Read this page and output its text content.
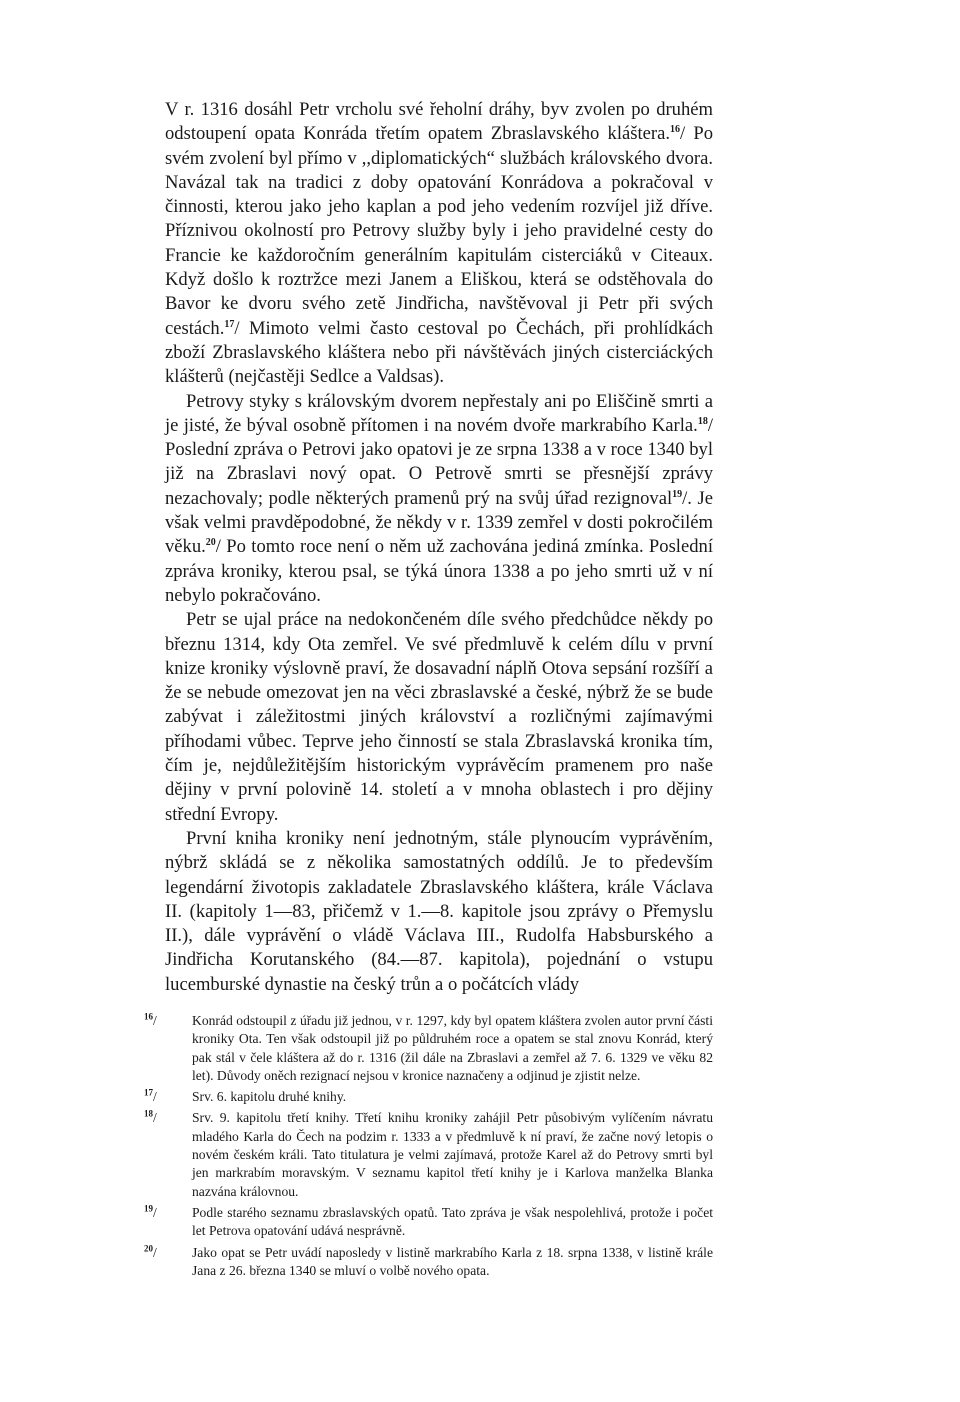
V r. 1316 dosáhl Petr vrcholu své řeholní dráhy, byv zvolen po druhém odstoupení opata Konráda třetím opatem Zbraslavského kláštera.$^{16}$/ Po svém zvolení byl přímo v ,,diplomatických“ službách královského dvora. Navázal tak na tradici z doby opatování Konrádova a pokračoval v činnosti, kterou jako jeho kaplan a pod jeho vedením rozvíjel již dříve. Příznivou okolností pro Petrovy služby byly i jeho pravidelné cesty do Francie ke každoročním generálním kapitulám cisterciáků v Citeaux. Když došlo k roztržce mezi Janem a Eliškou, která se odstěhovala do Bavor ke dvoru svého zetě Jindřicha, navštěvoval ji Petr při svých cestách.$^{17}$/ Mimoto velmi často cestoval po Čechách, při prohlídkách zboží Zbraslavského kláštera nebo při návštěvách jiných cisterciáckých klášterů (nejčastěji Sedlce a Valdsas).

Petrovy styky s královským dvorem nepřestaly ani po Eliščině smrti a je jisté, že býval osobně přítomen i na novém dvoře markrabího Karla.$^{18}$/ Poslední zpráva o Petrovi jako opatovi je ze srpna 1338 a v roce 1340 byl již na Zbraslavi nový opat. O Petrově smrti se přesnější zprávy nezachovaly; podle některých pramenů prý na svůj úřad rezignoval$^{19}$/. Je však velmi pravděpodobné, že někdy v r. 1339 zemřel v dosti pokročilém věku.$^{20}$/ Po tomto roce není o něm už zachována jediná zmínka. Poslední zpráva kroniky, kterou psal, se týká února 1338 a po jeho smrti už v ní nebylo pokračováno.

Petr se ujal práce na nedokončeném díle svého předchůdce někdy po březnu 1314, kdy Ota zemřel. Ve své předmluvě k celém dílu v první knize kroniky výslovně praví, že dosavadní náplň Otova sepsání rozšíří a že se nebude omezovat jen na věci zbraslavské a české, nýbrž že se bude zabývat i záležitostmi jiných království a rozličnými zajímavými příhodami vůbec. Teprve jeho činností se stala Zbraslavská kronika tím, čím je, nejdůležitějším historickým vyprávěcím pramenem pro naše dějiny v první polovině 14. století a v mnoha oblastech i pro dějiny střední Evropy.

První kniha kroniky není jednotným, stále plynoucím vyprávěním, nýbrž skládá se z několika samostatných oddílů. Je to především legendární životopis zakladatele Zbraslavského kláštera, krále Václava II. (kapitoly 1—83, přičemž v 1.—8. kapitole jsou zprávy o Přemyslu II.), dále vyprávění o vládě Václava III., Rudolfa Habsburského a Jindřicha Korutanského (84.—87. kapitola), pojednání o vstupu lucemburské dynastie na český trůn a o počátcích vlády

$^{16}$/	Konrád odstoupil z úřadu již jednou, v r. 1297, kdy byl opatem kláštera zvolen autor první části kroniky Ota. Ten však odstoupil již po půldruhém roce a opatem se stal znovu Konrád, který pak stál v čele kláštera až do r. 1316 (žil dále na Zbraslavi a zemřel až 7. 6. 1329 ve věku 82 let). Důvody oněch rezignací nejsou v kronice naznačeny a odjinud je zjistit nelze.
$^{17}$/	Srv. 6. kapitolu druhé knihy.
$^{18}$/	Srv. 9. kapitolu třetí knihy. Třetí knihu kroniky zahájil Petr působivým vylíčením návratu mladého Karla do Čech na podzim r. 1333 a v předmluvě k ní praví, že začne nový letopis o novém českém králi. Tato titulatura je velmi zajímavá, protože Karel až do Petrovy smrti byl jen markrabím moravským. V seznamu kapitol třetí knihy je i Karlova manželka Blanka nazvána královnou.
$^{19}$/	Podle starého seznamu zbraslavských opatů. Tato zpráva je však nespolehlivá, protože i počet let Petrova opatování udává nesprávně.
$^{20}$/	Jako opat se Petr uvádí naposledy v listině markrabího Karla z 18. srpna 1338, v listině krále Jana z 26. března 1340 se mluví o volbě nového opata.
